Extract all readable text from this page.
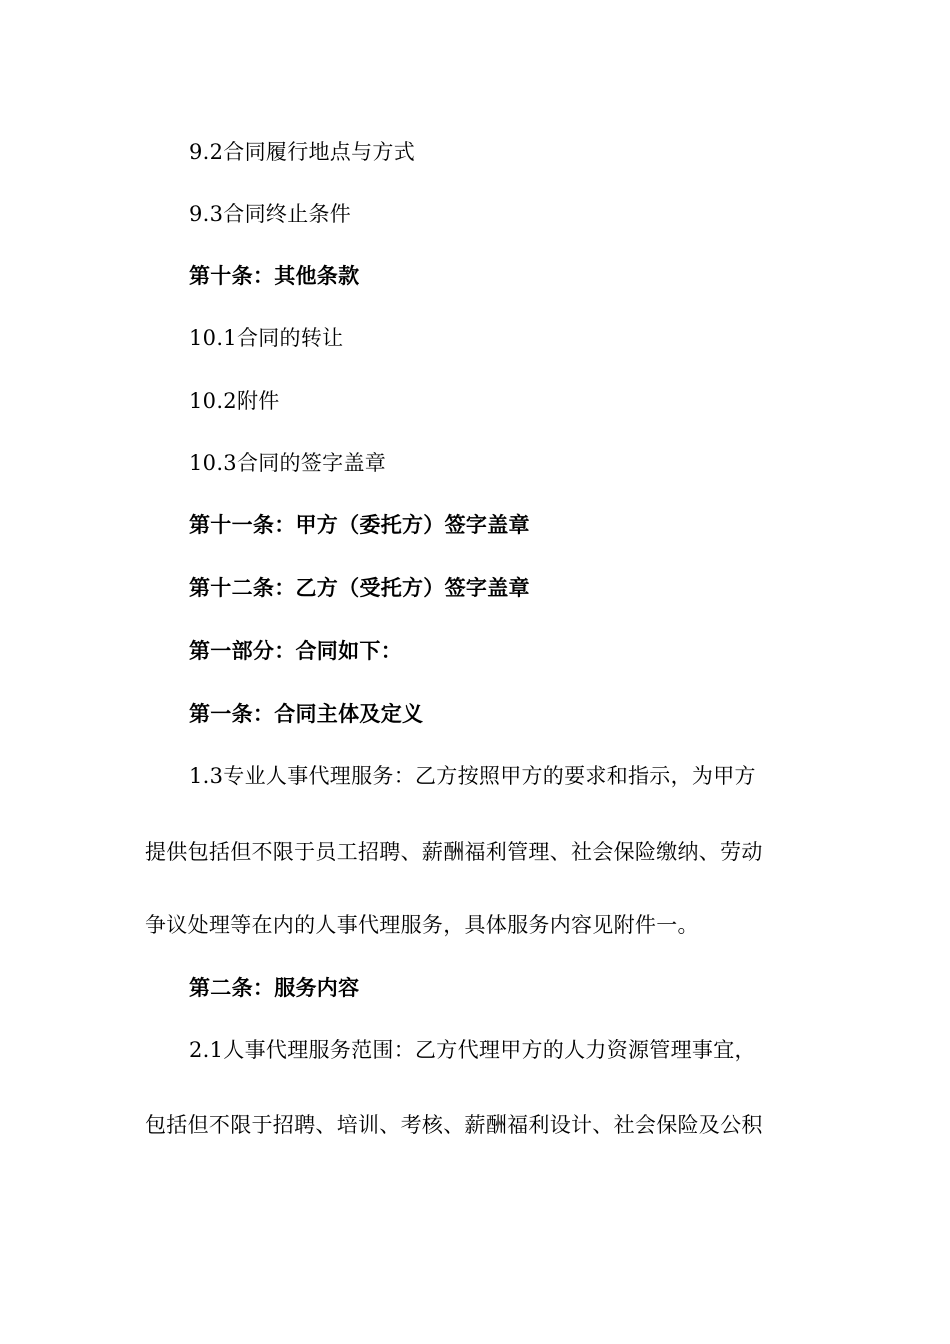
9.2合同履行地点与方式
9.3合同终止条件
第十条：其他条款
10.1合同的转让
10.2附件
10.3合同的签字盖章
第十一条：甲方（委托方）签字盖章
第十二条：乙方（受托方）签字盖章
第一部分：合同如下：
第一条：合同主体及定义
1.3专业人事代理服务：乙方按照甲方的要求和指示，为甲方
提供包括但不限于员工招聘、薪酬福利管理、社会保险缴纳、劳动
争议处理等在内的人事代理服务，具体服务内容见附件一。
第二条：服务内容
2.1人事代理服务范围：乙方代理甲方的人力资源管理事宜，
包括但不限于招聘、培训、考核、薪酬福利设计、社会保险及公积
